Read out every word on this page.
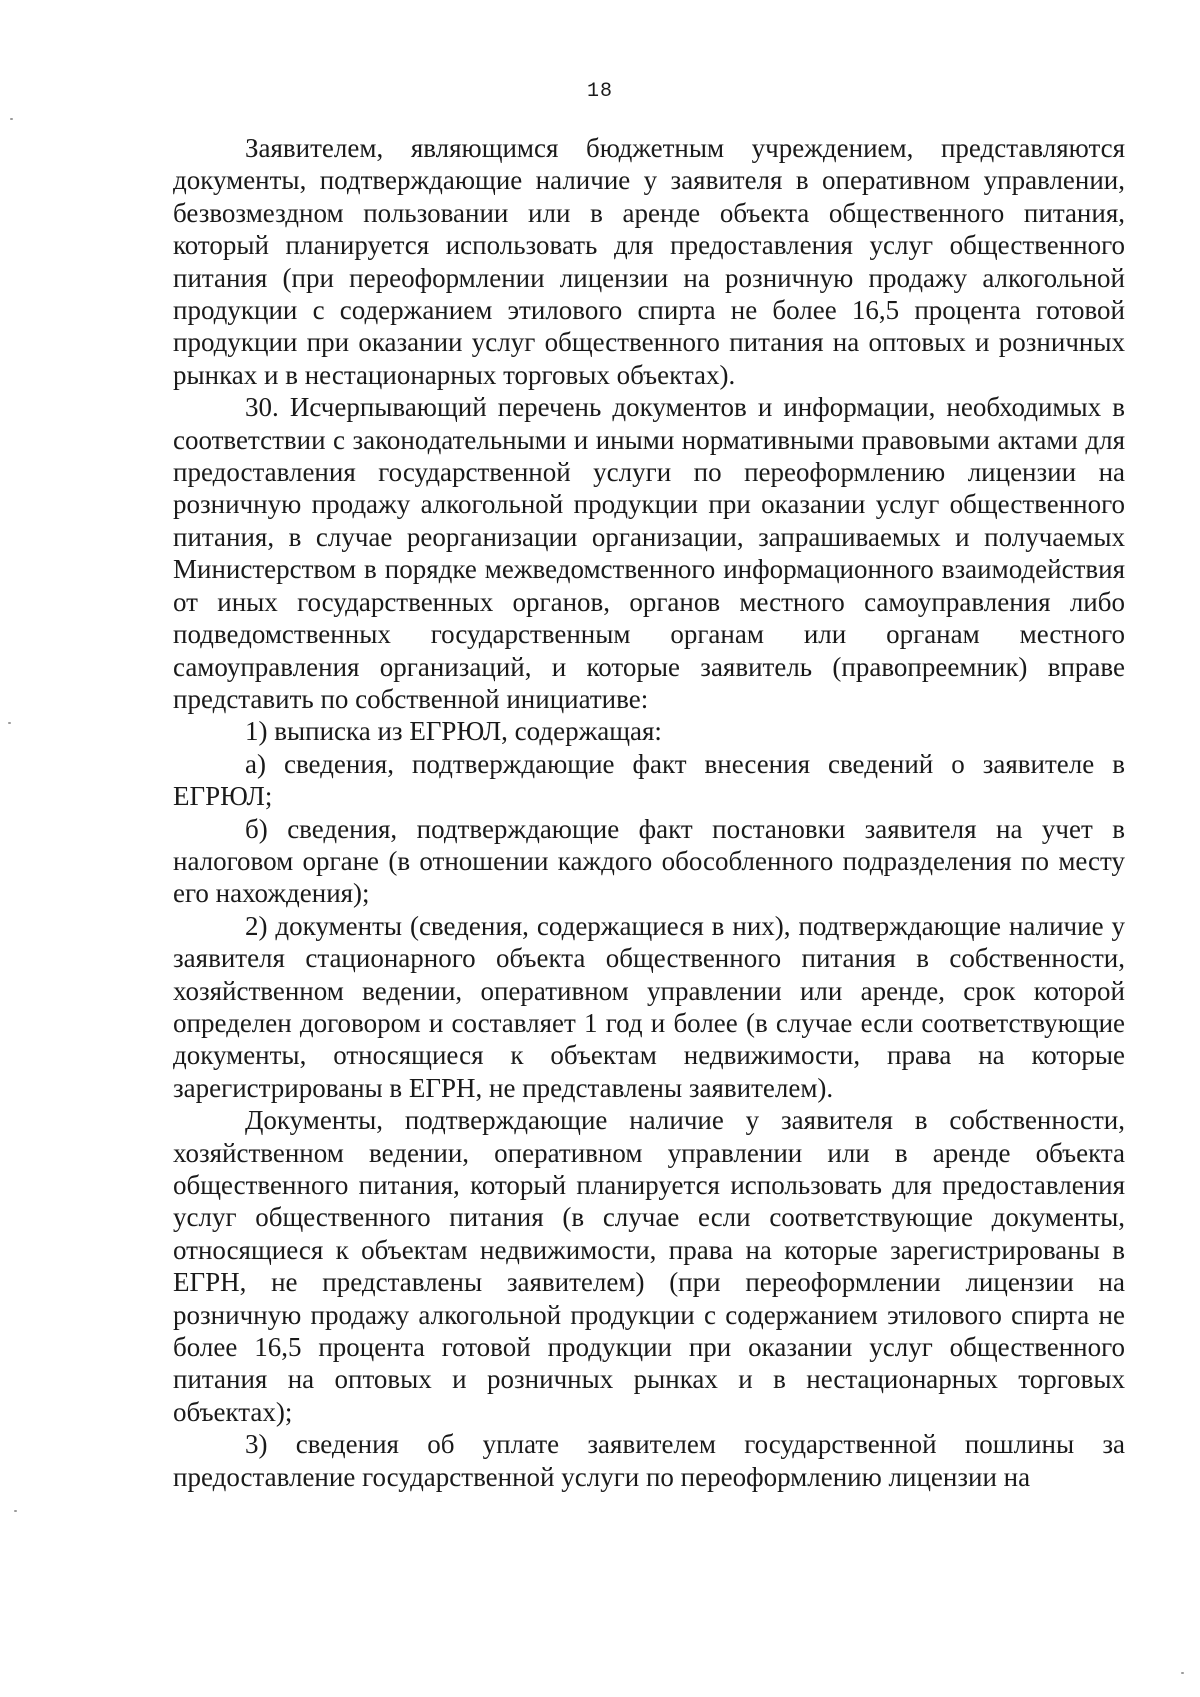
18

Заявителем, являющимся бюджетным учреждением, представляются документы, подтверждающие наличие у заявителя в оперативном управлении, безвозмездном пользовании или в аренде объекта общественного питания, который планируется использовать для предоставления услуг общественного питания (при переоформлении лицензии на розничную продажу алкогольной продукции с содержанием этилового спирта не более 16,5 процента готовой продукции при оказании услуг общественного питания на оптовых и розничных рынках и в нестационарных торговых объектах).

30. Исчерпывающий перечень документов и информации, необходимых в соответствии с законодательными и иными нормативными правовыми актами для предоставления государственной услуги по переоформлению лицензии на розничную продажу алкогольной продукции при оказании услуг общественного питания, в случае реорганизации организации, запрашиваемых и получаемых Министерством в порядке межведомственного информационного взаимодействия от иных государственных органов, органов местного самоуправления либо подведомственных государственным органам или органам местного самоуправления организаций, и которые заявитель (правопреемник) вправе представить по собственной инициативе:

1) выписка из ЕГРЮЛ, содержащая:

а) сведения, подтверждающие факт внесения сведений о заявителе в ЕГРЮЛ;

б) сведения, подтверждающие факт постановки заявителя на учет в налоговом органе (в отношении каждого обособленного подразделения по месту его нахождения);

2) документы (сведения, содержащиеся в них), подтверждающие наличие у заявителя стационарного объекта общественного питания в собственности, хозяйственном ведении, оперативном управлении или аренде, срок которой определен договором и составляет 1 год и более (в случае если соответствующие документы, относящиеся к объектам недвижимости, права на которые зарегистрированы в ЕГРН, не представлены заявителем).

Документы, подтверждающие наличие у заявителя в собственности, хозяйственном ведении, оперативном управлении или в аренде объекта общественного питания, который планируется использовать для предоставления услуг общественного питания (в случае если соответствующие документы, относящиеся к объектам недвижимости, права на которые зарегистрированы в ЕГРН, не представлены заявителем) (при переоформлении лицензии на розничную продажу алкогольной продукции с содержанием этилового спирта не более 16,5 процента готовой продукции при оказании услуг общественного питания на оптовых и розничных рынках и в нестационарных торговых объектах);

3) сведения об уплате заявителем государственной пошлины за предоставление государственной услуги по переоформлению лицензии на
